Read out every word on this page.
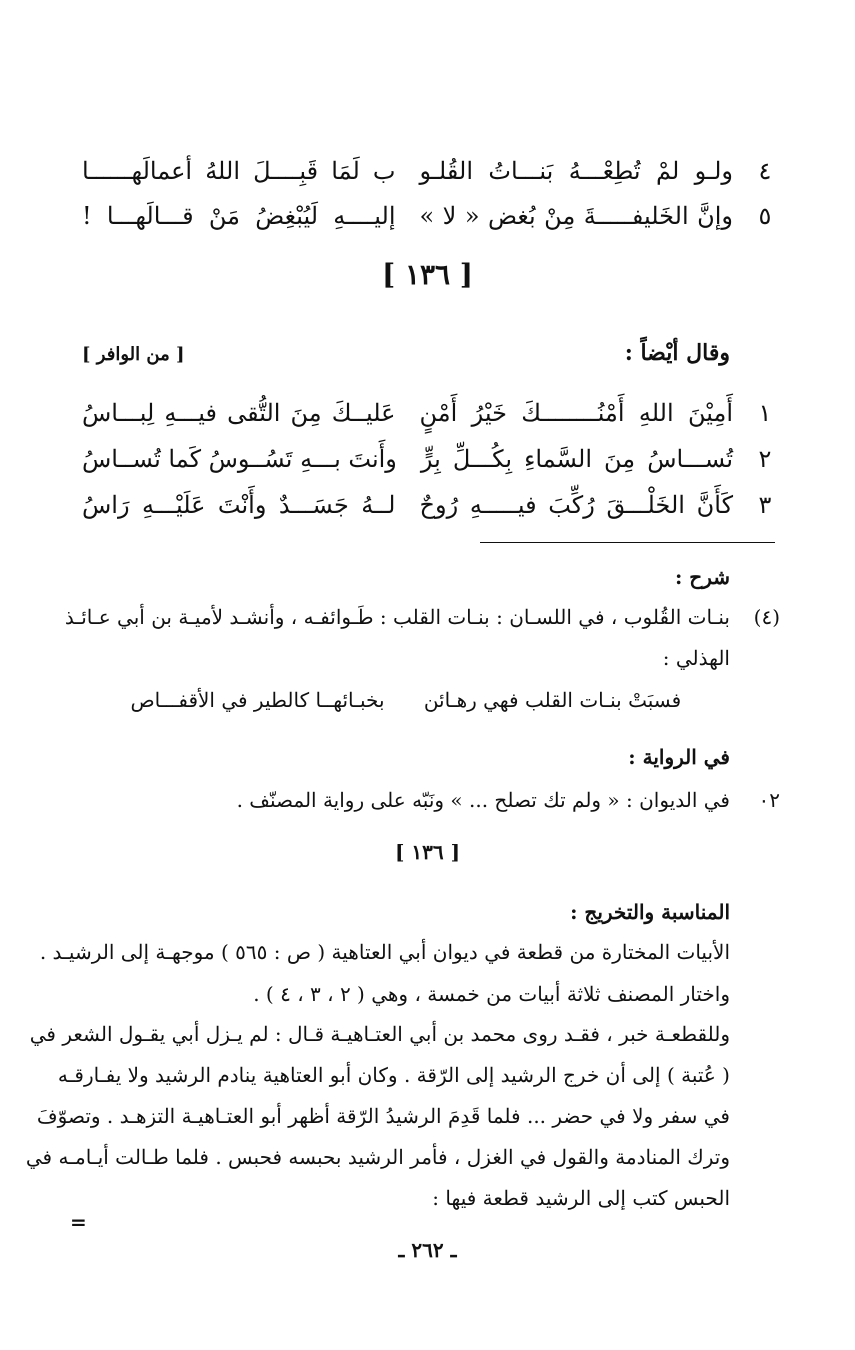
٤
ولـو لمْ تُطِعْـــهُ بَنـــاتُ القُلـو
ب لَمَا قَبِــــلَ اللهُ أعمالَهــــــا
٥
وإنَّ الخَليفـــــةَ مِنْ بُغض « لا »
إليــــهِ لَيُبْغِضُ مَنْ قـــالَهـــا !
[ ١٣٦ ]
وقال أيْضاً :
[ من الوافر ]
١
أَمِيْنَ اللهِ أَمْنُــــــــكَ خَيْرُ أَمْنٍ
عَليــكَ مِنَ التُّقى فيـــهِ لِبـــاسُ
٢
تُســـاسُ مِنَ السَّماءِ بِكُـــلِّ بِرٍّ
وأَنتَ بـــهِ تَسُــوسُ كَما تُســاسُ
٣
كَأَنَّ الخَلْـــقَ رُكِّبَ فيـــــهِ رُوحٌ
لــهُ جَسَـــدٌ وأَنْتَ عَلَيْـــهِ رَاسُ
شرح :
(٤)
بنـات القُلوب ، في اللسـان : بنـات القلب : طَـوائفـه ، وأنشـد لأميـة بن أبي عـائـذ
الهذلي :
فسبَتْ بنـات القلب فهي رهـائن
بخبـائهــا كالطير في الأقفـــاص
في الرواية :
٠٢
في الديوان : « ولم تك تصلح ... » ونَبّه على رواية المصنّف .
[ ١٣٦ ]
المناسبة والتخريج :
الأبيات المختارة من قطعة في ديوان أبي العتاهية ( ص : ٥٦٥ ) موجهـة إلى الرشيـد .
واختار المصنف ثلاثة أبيات من خمسة ، وهي ( ٢ ، ٣ ، ٤ ) .
وللقطعـة خبر ، فقـد روى محمد بن أبي العتـاهيـة قـال : لم يـزل أبي يقـول الشعر في
( عُتبة ) إلى أن خرج الرشيد إلى الرّقة . وكان أبو العتاهية ينادم الرشيد ولا يفـارقـه
في سفر ولا في حضر ... فلما قَدِمَ الرشيدُ الرّقة أظهر أبو العتـاهيـة التزهـد . وتصوّفَ
وترك المنادمة والقول في الغزل ، فأمر الرشيد بحبسه فحبس . فلما طـالت أيـامـه في
الحبس كتب إلى الرشيد قطعة فيها :
=
ـ ٢٦٢ ـ
